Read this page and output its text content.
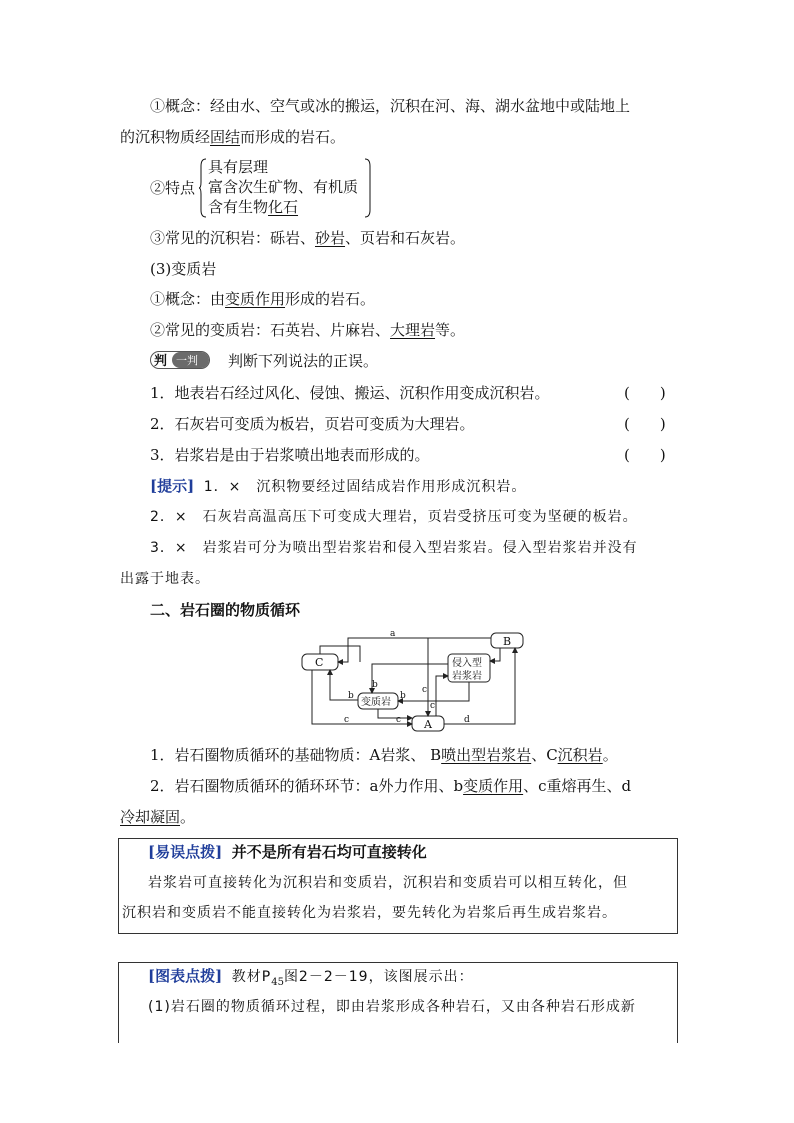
①概念：经由水、空气或冰的搬运，沉积在河、海、湖水盆地中或陆地上
的沉积物质经固结而形成的岩石。
②特点
具有层理
富含次生矿物、有机质
含有生物化石
③常见的沉积岩：砾岩、砂岩、页岩和石灰岩。
(3)变质岩
①概念：由变质作用形成的岩石。
②常见的变质岩：石英岩、片麻岩、大理岩等。
判 一判 判断下列说法的正误。
1．地表岩石经过风化、侵蚀、搬运、沉积作用变成沉积岩。	(　　)
2．石灰岩可变质为板岩，页岩可变质为大理岩。	(　　)
3．岩浆岩是由于岩浆喷出地表而形成的。	(　　)
[提示] 1．×　沉积物要经过固结成岩作用形成沉积岩。
2．×　石灰岩高温高压下可变成大理岩，页岩受挤压可变为坚硬的板岩。
3．×　岩浆岩可分为喷出型岩浆岩和侵入型岩浆岩。侵入型岩浆岩并没有
出露于地表。
二、岩石圈的物质循环
C
B
A
侵入型
岩浆岩
变质岩
a
b	b
b
c	c
c
c
d
1．岩石圈物质循环的基础物质：A岩浆、 B喷出型岩浆岩、C沉积岩。
2．岩石圈物质循环的循环环节：a外力作用、b变质作用、c重熔再生、d
冷却凝固。
[易误点拨] 并不是所有岩石均可直接转化
岩浆岩可直接转化为沉积岩和变质岩，沉积岩和变质岩可以相互转化，但
沉积岩和变质岩不能直接转化为岩浆岩，要先转化为岩浆后再生成岩浆岩。
[图表点拨] 教材$P_{45}$图2－2－19，该图展示出：
(1)岩石圈的物质循环过程，即由岩浆形成各种岩石，又由各种岩石形成新
